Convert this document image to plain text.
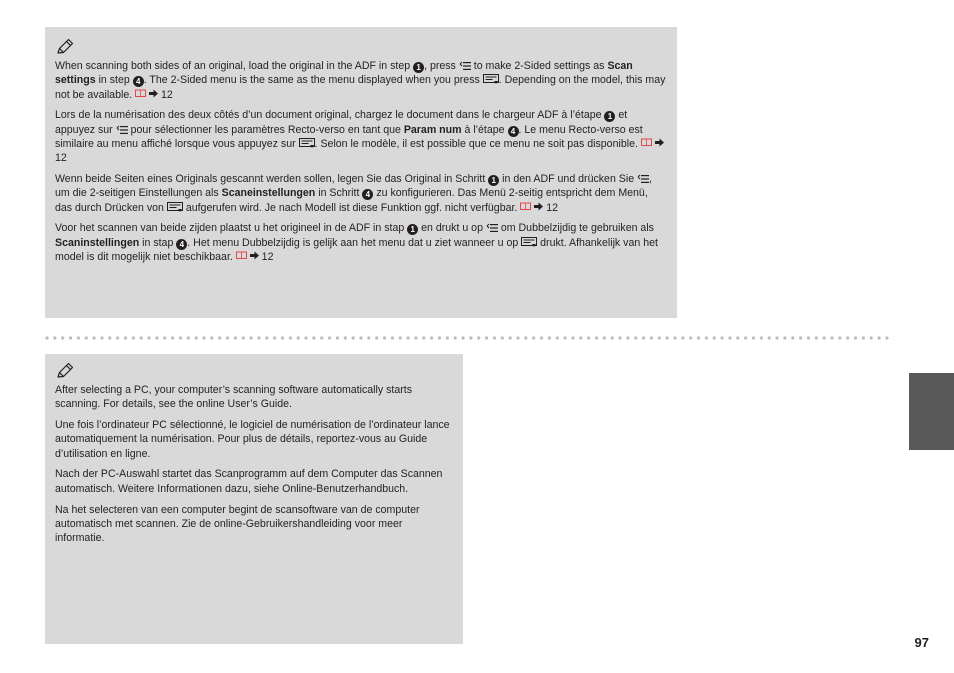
When scanning both sides of an original, load the original in the ADF in step 1 , press  to make 2-Sided settings as Scan settings in step 4 . The 2-Sided menu is the same as the menu displayed when you press . Depending on the model, this may not be available.   12

Lors de la numérisation des deux côtés d’un document original, chargez le document dans le chargeur ADF à l’étape 1 et appuyez sur  pour sélectionner les paramètres Recto-verso en tant que Param num à l’étape 4 . Le menu Recto-verso est similaire au menu affiché lorsque vous appuyez sur . Selon le modèle, il est possible que ce menu ne soit pas disponible.   12

Wenn beide Seiten eines Originals gescannt werden sollen, legen Sie das Original in Schritt 1 in den ADF und drücken Sie , um die 2-seitigen Einstellungen als Scaneinstellungen in Schritt 4 zu konfigurieren. Das Menü 2-seitig entspricht dem Menü, das durch Drücken von  aufgerufen wird. Je nach Modell ist diese Funktion ggf. nicht verfügbar.   12

Voor het scannen van beide zijden plaatst u het origineel in de ADF in stap 1 en drukt u op  om Dubbelzijdig te gebruiken als Scaninstellingen in stap 4 . Het menu Dubbelzijdig is gelijk aan het menu dat u ziet wanneer u op  drukt. Afhankelijk van het model is dit mogelijk niet beschikbaar.   12

After selecting a PC, your computer’s scanning software automatically starts scanning. For details, see the online User’s Guide.

Une fois l’ordinateur PC sélectionné, le logiciel de numérisation de l’ordinateur lance automatiquement la numérisation. Pour plus de détails, reportez-vous au Guide d’utilisation en ligne.

Nach der PC-Auswahl startet das Scanprogramm auf dem Computer das Scannen automatisch. Weitere Informationen dazu, siehe Online-Benutzerhandbuch.

Na het selecteren van een computer begint de scansoftware van de computer automatisch met scannen. Zie de online-Gebruikershandleiding voor meer informatie.

97
